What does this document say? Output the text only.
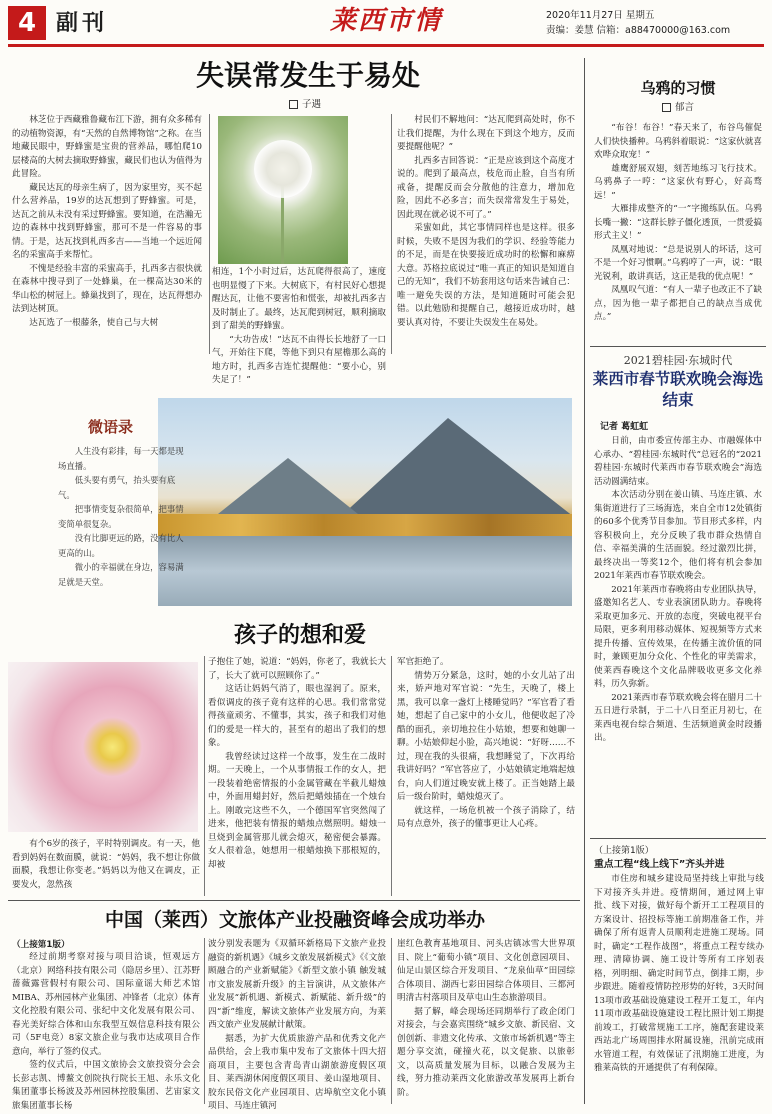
4 副刊	莱西市情	2020年11月27日 星期五
责编：姜慧 信箱：a88470000@163.com
失误常发生于易处
子遇

林芝位于西藏雅鲁藏布江下游，拥有众多稀有的动植物资源，有“天然的自然博物馆”之称。在当地藏民眼中，野蜂蜜是宝贵的营养品，哪怕爬10层楼高的大树去摘取野蜂蜜，藏民们也认为值得为此冒险。

藏民达瓦的母亲生病了，因为家里穷，买不起什么营养品，19岁的达瓦想到了野蜂蜜。可是，达瓦之前从未没有采过野蜂蜜。要知道，在浩瀚无边的森林中找到野蜂蜜，那可不是一件容易的事情。于是，达瓦找到札西多吉——当地一个远近闻名的采蜜高手来帮忙。

不愧是经验丰富的采蜜高手，扎西多吉很快就在森林中搜寻到了一处蜂巢，在一棵高达30米的华山松的树冠上。蜂巢找到了，现在，达瓦得想办法到达树顶。

达瓦选了一根藤条，使自己与大树

相连，1个小时过后，达瓦爬得很高了，速度也明显慢了下来。大树底下，有村民好心想提醒达瓦，让他不要害怕和慌张，却被扎西多吉及时制止了。最终，达瓦爬到树冠，顺利摘取到了甜美的野蜂蜜。

“大功告成！”达瓦不由得长长地舒了一口气，开始往下爬，等他下到只有屋檐那么高的地方时，扎西多吉连忙提醒他：“要小心，别失足了！”

村民们不解地问：“达瓦爬到高处时，你不让我们提醒，为什么现在下到这个地方，反而要提醒他呢？”

扎西多吉回答说：“正是应该到这个高度才说的。爬到了最高点，枝危而止脸，自当有所戒备，提醒反而会分散他的注意力，增加危险，因此不必多言；而失误常常发生于易处，因此现在就必说不可了。”

采蜜如此，其它事情同样也是这样。很多时候，失败不是因为我们的学识、经验等能力的不足，而是在快要接近成功时的松懈和麻痹大意。苏格拉底说过“唯一真正的知识是知道自己的无知”，我们不妨套用这句话来告诫自己：唯一避免失误的方法，是知道随时可能会犯错。以此勉励和提醒自己，越接近成功时，越要认真对待，不要让失误发生在易处。

乌鸦的习惯
郁言

“布谷！布谷！”春天来了，布谷鸟催促人们快快播种。乌鸦斜着眼说：“这家伙就喜欢哗众取宠！”

雄鹰舒展双翅，刻苦地练习飞行技术。乌鸦鼻子一哼：“这家伙有野心，好高骛远！”

大雁排成整齐的“一”字搬练队伍。乌鸦长嘴一撇：“这群长脖子僵化透顶，一贯爱搞形式主义！”

凤凰对地说：“总是说别人的坏话，这可不是一个好习惯啊。”乌鸦哼了一声，说：“眼光锐利，敢讲真话，这正是我的优点呢！”

凤凰叹气道：“有人一辈子也改正不了缺点，因为他一辈子都把自己的缺点当成优点。”

2021碧桂园·东城时代
莱西市春节联欢晚会海选结束
记者 葛虹虹

日前，由市委宣传部主办、市融媒体中心承办、“碧桂园·东城时代”总冠名的“2021碧桂园·东城时代莱西市春节联欢晚会”海选活动圆满结束。

本次活动分别在姜山镇、马连庄镇、水集街道进行了三场海选，来自全市12处镇街的60多个优秀节目参加。节目形式多样，内容积极向上，充分反映了我市群众热情自信、幸福美满的生活面貌。经过激烈比拼，最终决出一等奖12个，他们将有机会参加2021年莱西市春节联欢晚会。

2021年莱西市春晚将由专业团队执导，盛邀知名艺人、专业表演团队助力。春晚将采取更加多元、开放的态度，突破电视平台局限，更多利用移动媒体、短视频等方式来提升传播、宣传效果，在传播主流价值的同时，兼顾更加分众化、个性化的审美需求，使莱西春晚这个文化品牌吸收更多文化养料，历久弥新。

2021莱西市春节联欢晚会将在腊月二十五日进行录制，于二十八日至正月初七，在莱西电视台综合频道、生活频道黄金时段播出。

（上接第1版）
重点工程“线上线下”齐头并进

市住房和城乡建设局坚持线上审批与线下对接齐头并进。疫情期间，通过网上审批、线下对接，做好每个新开工工程项目的方案设计、招投标等施工前期准备工作，并确保了所有返青人员顺利走进施工现场。同时，确定“工程作战图”，将重点工程专续办理、清障协调、施工设计等所有工序划表格，列明细、确定时间节点，倒排工期，步步跟进。随着疫情防控形势的好转，3天时间13项市政基础设施建设工程开工复工，年内11项市政基础设施建设工程比照计划工期提前竣工，打破常规施工工序，施配套建设莱西站北广场周围排水附属设施，汛前完成雨水管道工程，有效保证了汛期施工进度，为雅莱高铁的开通提供了有利保障。

微语录

人生没有彩排，每一天都是现场直播。

低头要有勇气，抬头要有底气。

把事情变复杂很简单，把事情变简单很复杂。

没有比脚更远的路，没有比人更高的山。

微小的幸福就在身边，容易满足就是天堂。

孩子的想和爱

有个6岁的孩子，平时特别调皮。有一天，他看到妈妈在数面膜，就说：“妈妈，我不想让你做面膜，我想让你变老。”妈妈以为他又在调皮，正要发火，忽然孩

子抱住了她，说道：“妈妈，你老了，我就长大了，长大了就可以照顾你了。”

这话让妈妈气消了，眼也湿润了。原来，看似调皮的孩子竟有这样的心思。我们常常觉得孩童顽劣、不懂事，其实，孩子和我们对他们的爱是一样大的，甚至有的超出了我们的想象。

我曾经读过这样一个故事，发生在二战时期。一天晚上，一个从事情报工作的女人，把一段装着绝密情报的小金属管藏在半截儿蜡烛中，外面用蜡封好，然后把蜡烛插在一个烛台上。刚敢完这些不久，一个德国军官突然闯了进来，他把装有情报的蜡烛点燃照明。蜡烛一旦烧到金属管那儿就会熄灭，秘密便会暴露。女人很着急，她想用一根蜡烛换下那根短的，却被

军官拒绝了。

情势万分紧急，这时，她的小女儿站了出来，娇声地对军官说：“先生，天晚了，楼上黑，我可以拿一盏灯上楼睡觉吗？”军官看了看她，想起了自己家中的小女儿，他便收起了冷酷的面孔，亲切地拉住小姑娘，想要和她聊一聊。小姑娘仰起小脸，高兴地说：“好呀……不过，现在我的头很痛，我想睡觉了，下次再给我讲好吗？”军官答应了，小姑娘镇定地端起烛台，向人们道过晚安就上楼了。正当她踏上最后一级台阶时，蜡烛熄灭了。

就这样，一场危机被一个孩子消除了，结局有点意外，孩子的懂事更让人心疼。

中国（莱西）文旅体产业投融资峰会成功举办
（上接第1版）

经过前期考察对接与项目洽谈，恒观远方（北京）网络科技有限公司（隐居乡里）、江苏野蔷薇露营假村有限公司、国际童谣大师艺术馆MIBA、苏州园林产业集团、冲锋者（北京）体育文化控股有限公司、张纪中文化发展有限公司、春光美好综合体和山东我型互娱信息科技有限公司（5F电竞）8家文旅企业与我市达成项目合作意向，举行了签约仪式。

签约仪式后，中国文旅协会文旅投资分会会长彭志凯、博鳌文创院执行院长王旭、永乐文化集团董事长杨波及苏州园林控股集团、艺宙家文旅集团董事长杨

波分别发表题为《双循环新格局下文旅产业投融资的新机遇》《城乡文旅发展新模式》《《文旅顾融合的产业新赋能》《新型文旅小镇 触发城市文旅发展新升级》的主旨演讲，从文旅体产业发展“新机遇、新模式、新赋能、新升级”的四“新”维度，解读文旅体产业发展方向，为莱西文旅产业发展献计献策。

据悉，为扩大优质旅游产品和优秀文化产品供给，会上我市集中发布了文旅体十四大招商项目，主要包含青岛青山湖旅游度假区项目、莱西湖休闲度假区项目、姜山湿地项目、胶东民俗文化产业园项目、店埠航空文化小镇项目、马连庄镇河

崖红色教育基地项目、河头店镇冰雪大世界项目、院上“葡萄小镇”项目、文化创意园项目、仙足山景区综合开发项目、“龙泉仙草”田园综合体项目、湖西七彩田园综合体项目、三都河明清古村落项目及草屯山生态旅游项目。

据了解，峰会现场还同期举行了政企闭门对接会，与会嘉宾围绕“城乡文旅、新民宿、文创创新、非遗文化传承、文旅市场新机遇”等主题分享交流，碰撞火花，以文促旅、以旅彰文，以高质量发展为目标，以融合发展为主线，努力推动莱西文化旅游改革发展再上新台阶。
